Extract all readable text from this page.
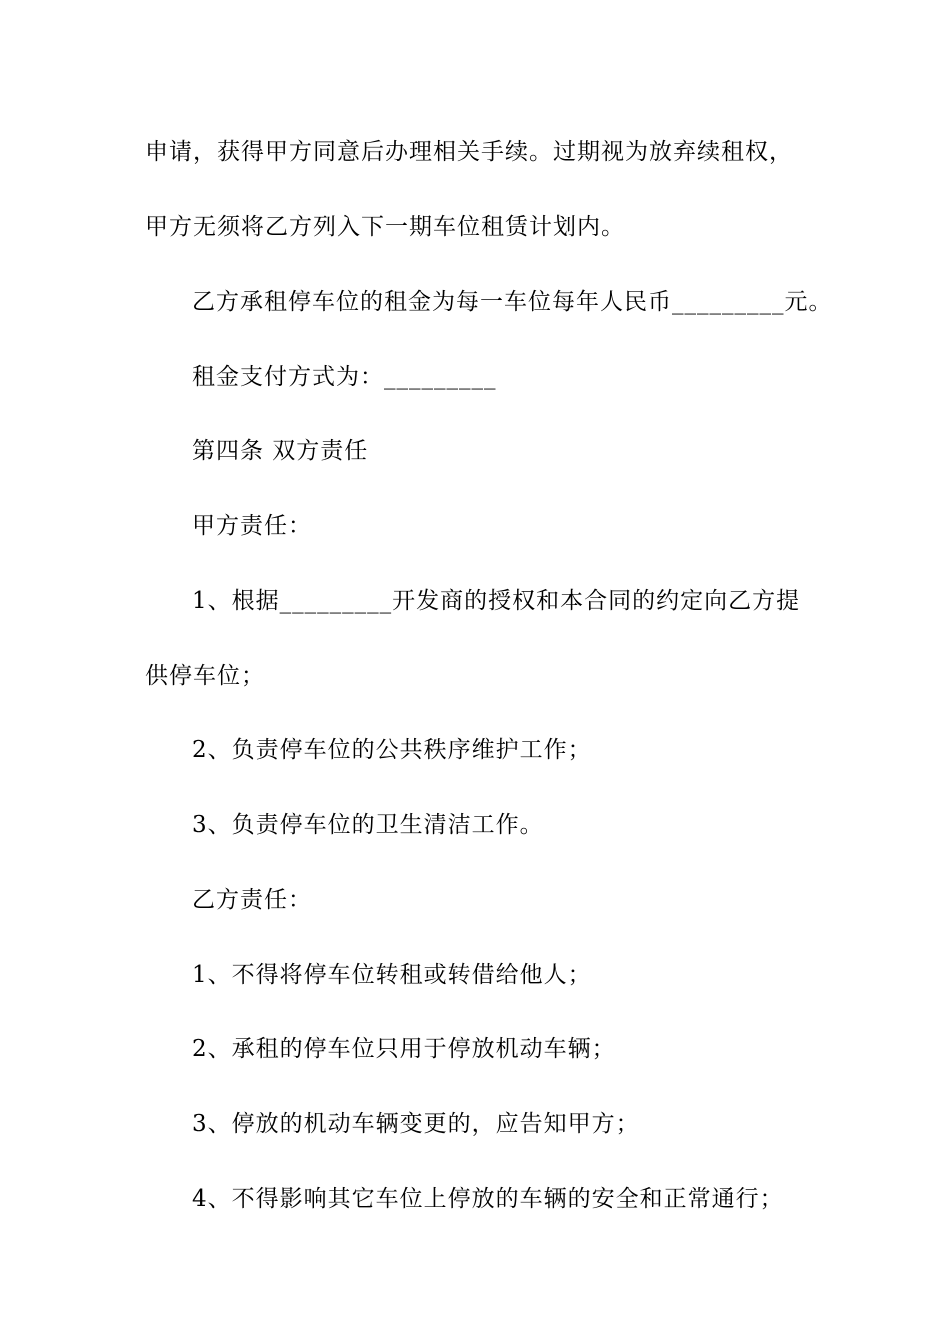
申请，获得甲方同意后办理相关手续。过期视为放弃续租权，
甲方无须将乙方列入下一期车位租赁计划内。
乙方承租停车位的租金为每一车位每年人民币_________元。
租金支付方式为：_________
第四条 双方责任
甲方责任：
1、根据_________开发商的授权和本合同的约定向乙方提
供停车位；
2、负责停车位的公共秩序维护工作；
3、负责停车位的卫生清洁工作。
乙方责任：
1、不得将停车位转租或转借给他人；
2、承租的停车位只用于停放机动车辆；
3、停放的机动车辆变更的，应告知甲方；
4、不得影响其它车位上停放的车辆的安全和正常通行；
